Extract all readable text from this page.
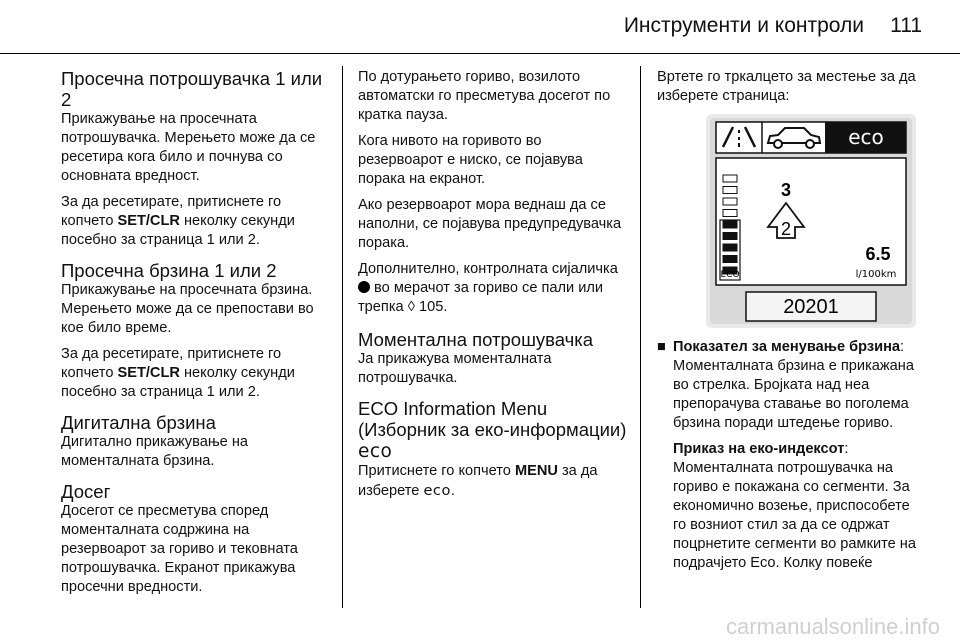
Инструменти и контроли 111
Просечна потрошувачка 1 или 2

Прикажување на просечната потрошувачка. Мерењето може да се ресетира кога било и почнува со основната вредност.

За да ресетирате, притиснете го копчето SET/CLR неколку секунди посебно за страница 1 или 2.

Просечна брзина 1 или 2

Прикажување на просечната брзина. Мерењето може да се препостави во кое било време.

За да ресетирате, притиснете го копчето SET/CLR неколку секунди посебно за страница 1 или 2.

Дигитална брзина

Дигитално прикажување на моменталната брзина.

Досег

Досегот се пресметува според моменталната содржина на резервоарот за гориво и тековната потрошувачка. Екранот прикажува просечни вредности.

По дотурањето гориво, возилото автоматски го пресметува досегот по кратка пауза.

Кога нивото на горивото во резервоарот е ниско, се појавува порака на екранот.

Ако резервоарот мора веднаш да се наполни, се појавува предупредувачка порака.

Дополнително, контролната сијаличка  во мерачот за гориво се пали или трепка ◊ 105.

Моментална потрошувачка

Ја прикажува моменталната потрошувачка.

ECO Information Menu (Изборник за еко-информации) eco

Притиснете го копчето MENU за да изберете eco.

Вртете го тркалцето за местење за да изберете страница:

eco
ECO
3
2
6.5
l/100km
20201
■ Показател за менување брзина:
Моменталната брзина е прикажана во стрелка. Бројката над неа препорачува ставање во поголема брзина поради штедење гориво.

Приказ на еко-индексот:
Моменталната потрошувачка на гориво е покажана со сегменти. За економично возење, приспособете го возниот стил за да се одржат поцрнетите сегменти во рамките на подрачјето Eco. Колку повеќе

carmanualsonline.info
